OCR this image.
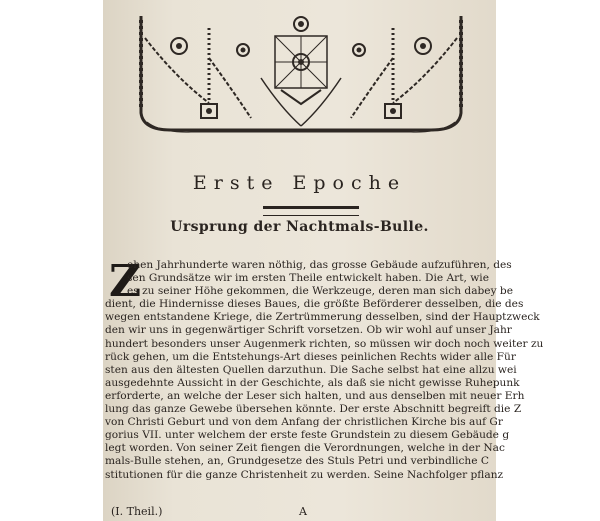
Erste Epoche
Ursprung der Nachtmals-Bulle.
Z
ehen Jahrhunderte waren nöthig, das grosse Gebäude aufzuführen, des
sen Grundsätze wir im ersten Theile entwickelt haben. Die Art, wie
es zu seiner Höhe gekommen, die Werkzeuge, deren man sich dabey be
dient, die Hindernisse dieses Baues, die größte Beförderer desselben, die des
wegen entstandene Kriege, die Zertrümmerung desselben, sind der Hauptzweck
den wir uns in gegenwärtiger Schrift vorsetzen. Ob wir wohl auf unser Jahr
hundert besonders unser Augenmerk richten, so müssen wir doch noch weiter zu
rück gehen, um die Entstehungs-Art dieses peinlichen Rechts wider alle Für
sten aus den ältesten Quellen darzuthun. Die Sache selbst hat eine allzu wei
ausgedehnte Aussicht in der Geschichte, als daß sie nicht gewisse Ruhepunk
erforderte, an welche der Leser sich halten, und aus denselben mit neuer Erh
lung das ganze Gewebe übersehen könnte. Der erste Abschnitt begreift die Z
von Christi Geburt und von dem Anfang der christlichen Kirche bis auf Gr
gorius VII. unter welchem der erste feste Grundstein zu diesem Gebäude g
legt worden. Von seiner Zeit fiengen die Verordnungen, welche in der Nac
mals-Bulle stehen, an, Grundgesetze des Stuls Petri und verbindliche C
stitutionen für die ganze Christenheit zu werden. Seine Nachfolger pflanz
(I. Theil.)	A
